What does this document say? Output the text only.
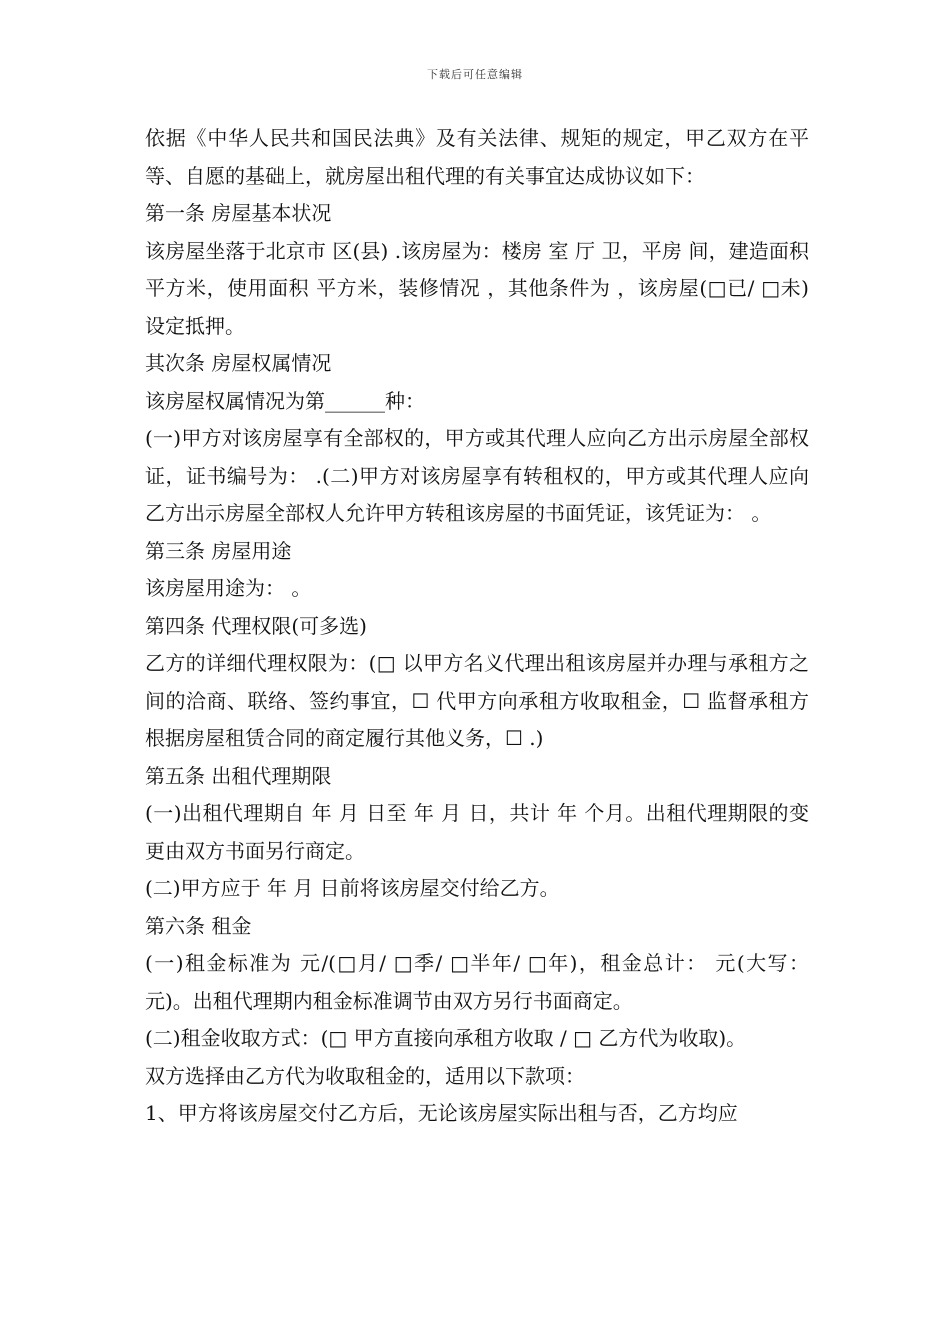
下载后可任意编辑
依据《中华人民共和国民法典》及有关法律、规矩的规定，甲乙双方在平等、自愿的基础上，就房屋出租代理的有关事宜达成协议如下：
第一条 房屋基本状况
该房屋坐落于北京市 区(县) .该房屋为：楼房 室 厅 卫，平房 间，建造面积 平方米，使用面积 平方米，装修情况 ，其他条件为 ，该房屋(□已/ □未)设定抵押。
其次条 房屋权属情况
该房屋权属情况为第______种：
(一)甲方对该房屋享有全部权的，甲方或其代理人应向乙方出示房屋全部权证，证书编号为： .(二)甲方对该房屋享有转租权的，甲方或其代理人应向乙方出示房屋全部权人允许甲方转租该房屋的书面凭证，该凭证为： 。
第三条 房屋用途
该房屋用途为： 。
第四条 代理权限(可多选)
乙方的详细代理权限为：(□ 以甲方名义代理出租该房屋并办理与承租方之间的洽商、联络、签约事宜，☐ 代甲方向承租方收取租金，☐ 监督承租方根据房屋租赁合同的商定履行其他义务，☐ .)
第五条 出租代理期限
(一)出租代理期自 年 月 日至 年 月 日，共计 年 个月。出租代理期限的变更由双方书面另行商定。
(二)甲方应于 年 月 日前将该房屋交付给乙方。
第六条 租金
(一)租金标准为 元/(□月/ □季/ □半年/ □年)，租金总计： 元(大写： 元)。出租代理期内租金标准调节由双方另行书面商定。
(二)租金收取方式：(□ 甲方直接向承租方收取 / □ 乙方代为收取)。
双方选择由乙方代为收取租金的，适用以下款项：
1、甲方将该房屋交付乙方后，无论该房屋实际出租与否，乙方均应
